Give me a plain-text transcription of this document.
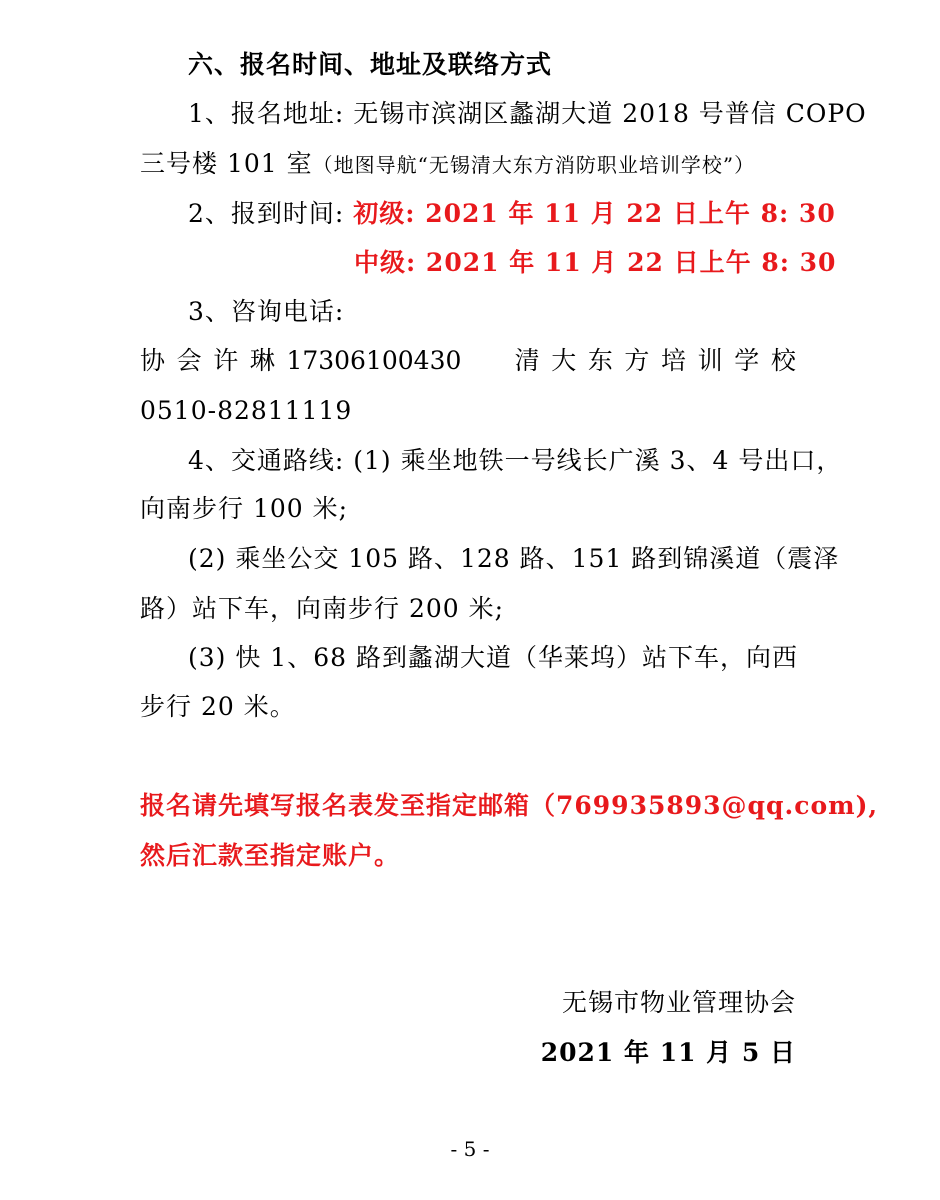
六、报名时间、地址及联络方式
1、报名地址: 无锡市滨湖区蠡湖大道 2018 号普信 COPO
三号楼 101 室（地图导航“无锡清大东方消防职业培训学校”）
2、报到时间: 初级: 2021 年 11 月 22 日上午 8: 30
中级: 2021 年 11 月 22 日上午 8: 30
3、咨询电话:
协 会 许 琳 17306100430 清 大 东 方 培 训 学 校
0510-82811119
4、交通路线: (1) 乘坐地铁一号线长广溪 3、4 号出口，
向南步行 100 米;
(2) 乘坐公交 105 路、128 路、151 路到锦溪道（震泽
路）站下车，向南步行 200 米;
(3) 快 1、68 路到蠡湖大道（华莱坞）站下车，向西
步行 20 米。
报名请先填写报名表发至指定邮箱（769935893@qq.com),
然后汇款至指定账户。
无锡市物业管理协会
2021 年 11 月 5 日
- 5 -
